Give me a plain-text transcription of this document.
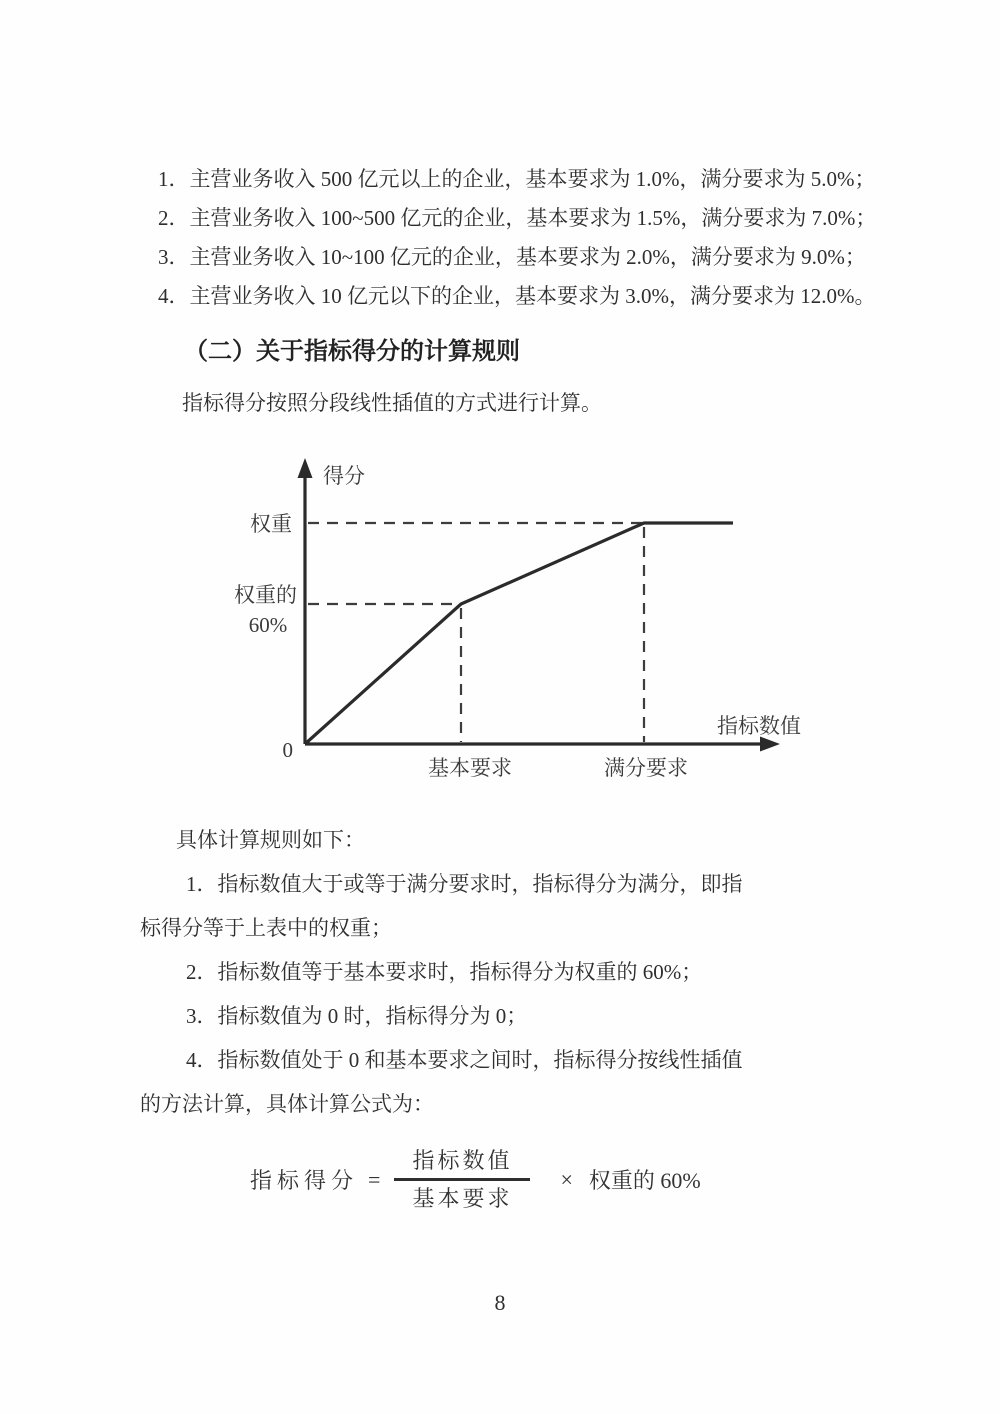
1．主营业务收入 500 亿元以上的企业，基本要求为 1.0%，满分要求为 5.0%；
2．主营业务收入 100~500 亿元的企业，基本要求为 1.5%，满分要求为 7.0%；
3．主营业务收入 10~100 亿元的企业，基本要求为 2.0%，满分要求为 9.0%；
4．主营业务收入 10 亿元以下的企业，基本要求为 3.0%，满分要求为 12.0%。
（二）关于指标得分的计算规则
指标得分按照分段线性插值的方式进行计算。
得分
权重
权重的
60%
0
基本要求	满分要求
指标数值
具体计算规则如下：
1．指标数值大于或等于满分要求时，指标得分为满分，即指
标得分等于上表中的权重；
2．指标数值等于基本要求时，指标得分为权重的 60%；
3．指标数值为 0 时，指标得分为 0；
4．指标数值处于 0 和基本要求之间时，指标得分按线性插值
的方法计算，具体计算公式为：
指标得分 = $\frac{\text{指标数值}}{\text{基本要求}}$ × 权重的 60%
8
